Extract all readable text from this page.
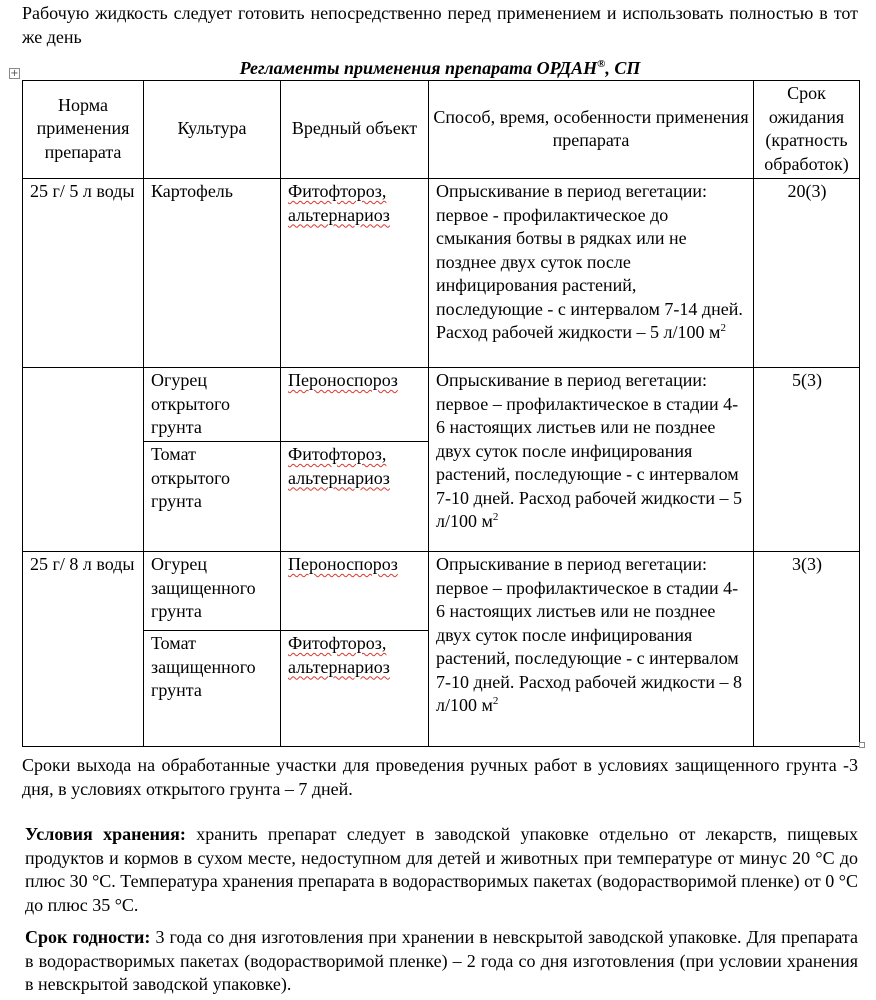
Рабочую жидкость следует готовить непосредственно перед применением и использовать полностью в тот же день

+	Регламенты применения препарата ОРДАН®, СП
Норма применения препарата	Культура	Вредный объект	Способ, время, особенности применения препарата	Срок ожидания (кратность обработок)
25 г/ 5 л воды	Картофель	Фитофтороз, альтернариоз	Опрыскивание в период вегетации: первое - профилактическое до смыкания ботвы в рядках или не позднее двух суток после инфицирования растений, последующие - с интервалом 7-14 дней. Расход рабочей жидкости – 5 л/100 $м^2$	20(3)
	Огурец открытого грунта	Пероноспороз	Опрыскивание в период вегетации: первое – профилактическое в стадии 4-6 настоящих листьев или не позднее двух суток после инфицирования растений, последующие - с интервалом 7-10 дней. Расход рабочей жидкости – 5 л/100 $м^2$	5(3)
	Томат открытого грунта	Фитофтороз, альтернариоз		
25 г/ 8 л воды	Огурец защищенного грунта	Пероноспороз	Опрыскивание в период вегетации: первое – профилактическое в стадии 4-6 настоящих листьев или не позднее двух суток после инфицирования растений, последующие - с интервалом 7-10 дней. Расход рабочей жидкости – 8 л/100 $м^2$	3(3)
	Томат защищенного грунта	Фитофтороз, альтернариоз		

Сроки выхода на обработанные участки для проведения ручных работ в условиях защищенного грунта -3 дня, в условиях открытого грунта – 7 дней.

Условия хранения: хранить препарат следует в заводской упаковке отдельно от лекарств, пищевых продуктов и кормов в сухом месте, недоступном для детей и животных при температуре от минус 20 °С до плюс 30 °С. Температура хранения препарата в водорастворимых пакетах (водорастворимой пленке) от 0 °С до плюс 35 °С.

Срок годности: 3 года со дня изготовления при хранении в невскрытой заводской упаковке. Для препарата в водорастворимых пакетах (водорастворимой пленке) – 2 года со дня изготовления (при условии хранения в невскрытой заводской упаковке).
